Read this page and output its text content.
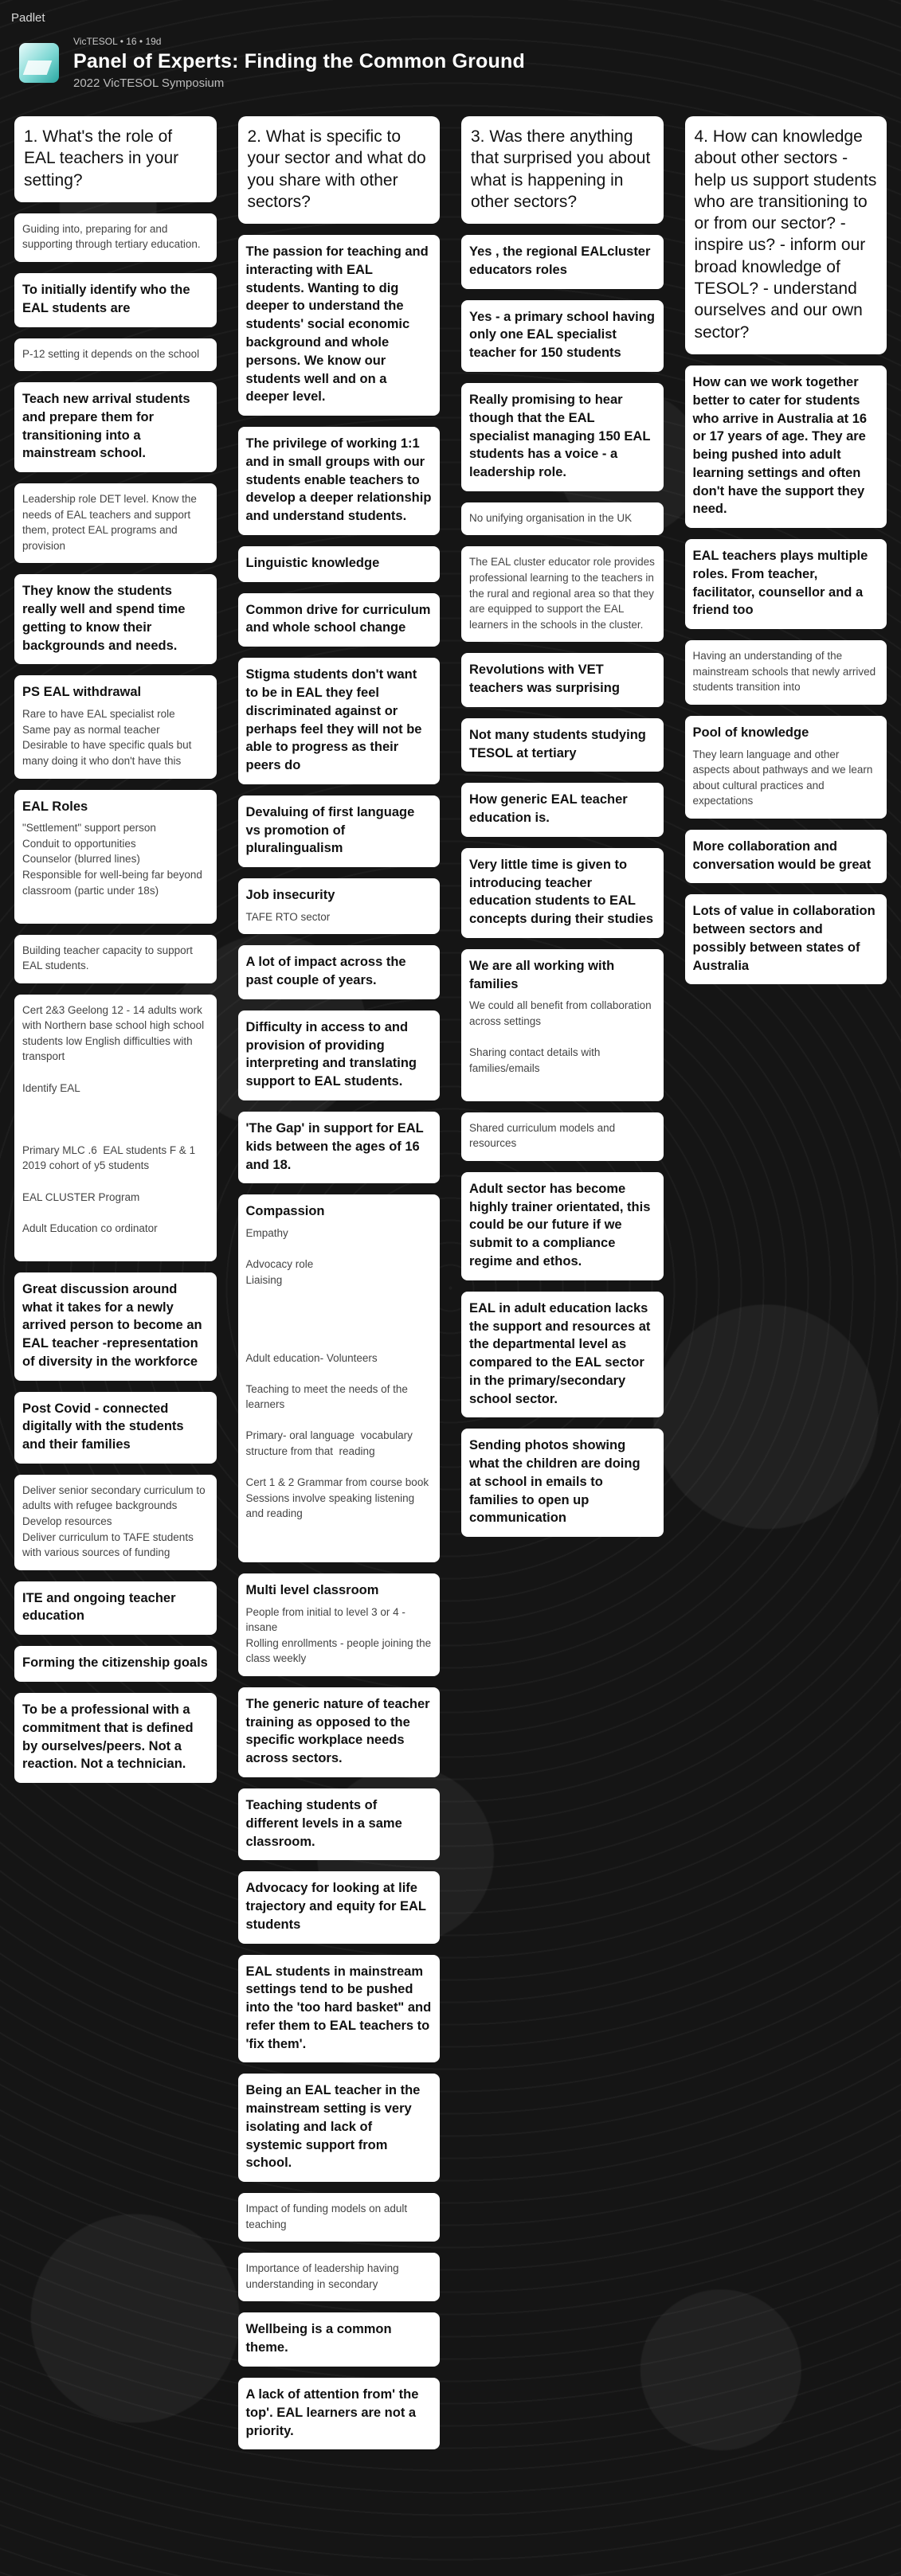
Padlet
VicTESOL • 16 • 19d
Panel of Experts: Finding the Common Ground
2022 VicTESOL Symposium
1. What's the role of EAL teachers in your setting?
Guiding into, preparing for and supporting through tertiary education.
To initially identify who the EAL students are
P-12 setting it depends on the school
Teach new arrival students and prepare them for transitioning into a mainstream school.
Leadership role DET level. Know the needs of EAL teachers and support them, protect EAL programs and provision
They know the students really well and spend time getting to know their backgrounds and needs.
PS EAL withdrawal
Rare to have EAL specialist role
Same pay as normal teacher
Desirable to have specific quals but many doing it who don't have this
EAL Roles
"Settlement" support person
Conduit to opportunities
Counselor (blurred lines)
Responsible for well-being far beyond classroom (partic under 18s)

Building teacher capacity to support EAL students.
Cert 2&3 Geelong 12 - 14 adults work with Northern base school high school students low English difficulties with transport

Identify EAL

Primary MLC .6  EAL students F & 1 2019 cohort of y5 students

EAL CLUSTER Program

Adult Education co ordinator

Great discussion around what it takes for a newly arrived person to become an EAL teacher -representation of diversity in the workforce
Post Covid - connected digitally with the students and their families
Deliver senior secondary curriculum to adults with refugee backgrounds
Develop resources
Deliver curriculum to TAFE students with various sources of funding
ITE and ongoing teacher education
Forming the citizenship goals
To be a professional with a commitment that is defined by ourselves/peers. Not a reaction. Not a technician.
2. What is specific to your sector and what do you share with other sectors?
The passion for teaching and interacting with EAL students. Wanting to dig deeper to understand the students' social economic background and whole persons. We know our students well and on a deeper level.
The privilege of working 1:1 and in small groups with our students enable teachers to develop a deeper relationship and understand students.
Linguistic knowledge
Common drive for curriculum and whole school change
Stigma students don't want to be in EAL they feel discriminated against or perhaps feel they will not be able to progress as their peers do
Devaluing of first language vs promotion of pluralingualism
Job insecurity
TAFE RTO sector
A lot of impact across the past couple of years.
Difficulty in access to and provision of providing interpreting and translating support to EAL students.
'The Gap' in support for EAL kids between the ages of 16 and 18.
Compassion
Empathy

Advocacy role
Liaising

Adult education- Volunteers

Teaching to meet the needs of the learners

Primary- oral language  vocabulary structure from that  reading

Cert 1 & 2 Grammar from course book
Sessions involve speaking listening and reading

Multi level classroom
People from initial to level 3 or 4 - insane
Rolling enrollments - people joining the class weekly
The generic nature of teacher training as opposed to the specific workplace needs across sectors.
Teaching students of different levels in a same classroom.
Advocacy for looking at life trajectory and equity for EAL students
EAL students in mainstream settings tend to be pushed into the 'too hard basket" and refer them to EAL teachers to 'fix them'.
Being an EAL teacher in the mainstream setting is very isolating and lack of systemic support from school.
Impact of funding models on adult teaching
Importance of leadership having understanding in secondary
Wellbeing is a common theme.
A lack of attention from' the top'. EAL learners are not a priority.
3. Was there anything that surprised you about what is happening in other sectors?
Yes , the regional EALcluster educators roles
Yes - a primary school having only one EAL specialist teacher for 150 students
Really promising to hear though that the EAL specialist managing 150 EAL students has a voice - a leadership role.
No unifying organisation in the UK
The EAL cluster educator role provides professional learning to the teachers in the rural and regional area so that they are equipped to support the EAL learners in the schools in the cluster.
Revolutions with VET teachers was surprising
Not many students studying TESOL at tertiary
How generic EAL teacher education is.
Very little time is given to introducing teacher education students to EAL concepts during their studies
We are all working with families
We could all benefit from collaboration across settings

Sharing contact details with families/emails

Shared curriculum models and resources
Adult sector has become highly trainer orientated, this could be our future if we submit to a compliance regime and ethos.
EAL in adult education lacks the support and resources at the departmental level as compared to the EAL sector in the primary/secondary school sector.
Sending photos showing what the children are doing at school in emails to families to open up communication
4. How can knowledge about other sectors - help us support students who are transitioning to or from our sector? - inspire us? - inform our broad knowledge of TESOL? - understand ourselves and our own sector?
How can we work together better to cater for students who arrive in Australia at 16 or 17 years of age. They are being pushed into adult learning settings and often don't have the support they need.
EAL teachers plays multiple roles. From teacher, facilitator, counsellor and a friend too
Having an understanding of the mainstream schools that newly arrived students transition into
Pool of knowledge
They learn language and other aspects about pathways and we learn about cultural practices and expectations
More collaboration and conversation would be great
Lots of value in collaboration between sectors and possibly between states of Australia
